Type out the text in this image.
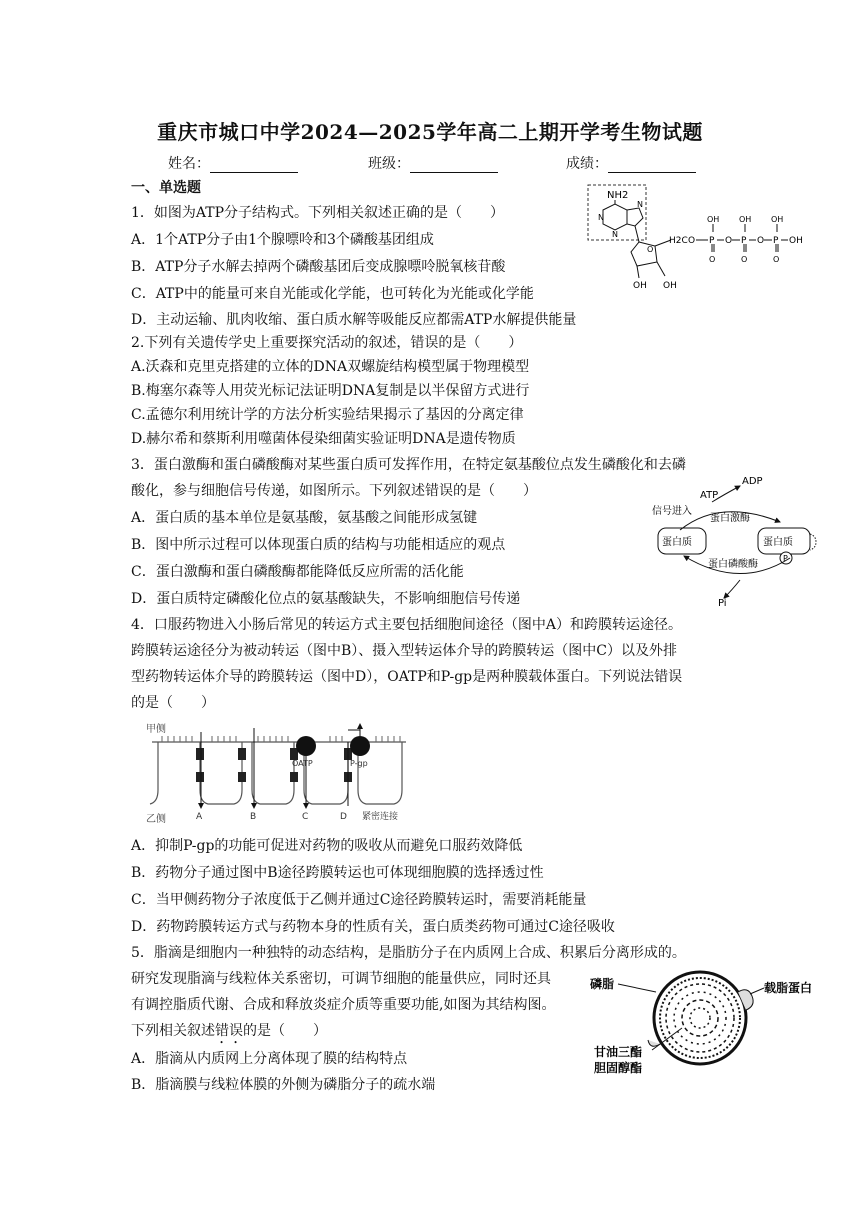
重庆市城口中学2024—2025学年高二上期开学考生物试题
姓名：	班级：	成绩：
一、单选题
1．如图为ATP分子结构式。下列相关叙述正确的是（　　）
A．1个ATP分子由1个腺嘌呤和3个磷酸基团组成
B．ATP分子水解去掉两个磷酸基团后变成腺嘌呤脱氧核苷酸
C．ATP中的能量可来自光能或化学能，也可转化为光能或化学能
D．主动运输、肌肉收缩、蛋白质水解等吸能反应都需ATP水解提供能量
NH2
N
N
N
O
H2C
OH OH
O P O P O P OH
OH OH OH
O	O	O
2.下列有关遗传学史上重要探究活动的叙述，错误的是（　　）
A.沃森和克里克搭建的立体的DNA双螺旋结构模型属于物理模型
B.梅塞尔森等人用荧光标记法证明DNA复制是以半保留方式进行
C.孟德尔利用统计学的方法分析实验结果揭示了基因的分离定律
D.赫尔希和蔡斯利用噬菌体侵染细菌实验证明DNA是遗传物质
3．蛋白激酶和蛋白磷酸酶对某些蛋白质可发挥作用，在特定氨基酸位点发生磷酸化和去磷
酸化，参与细胞信号传递，如图所示。下列叙述错误的是（　　）
A．蛋白质的基本单位是氨基酸，氨基酸之间能形成氢键
B．图中所示过程可以体现蛋白质的结构与功能相适应的观点
C．蛋白激酶和蛋白磷酸酶都能降低反应所需的活化能
D．蛋白质特定磷酸化位点的氨基酸缺失，不影响细胞信号传递
ADP
ATP
信号进入
蛋白激酶
蛋白质	蛋白质
P
蛋白磷酸酶
Pi
4．口服药物进入小肠后常见的转运方式主要包括细胞间途径（图中A）和跨膜转运途径。
跨膜转运途径分为被动转运（图中B）、摄入型转运体介导的跨膜转运（图中C）以及外排
型药物转运体介导的跨膜转运（图中D），OATP和P-gp是两种膜载体蛋白。下列说法错误
的是（　　）
甲侧
乙侧
OATP	P-gp
A	B	C	D 紧密连接
A．抑制P-gp的功能可促进对药物的吸收从而避免口服药效降低
B．药物分子通过图中B途径跨膜转运也可体现细胞膜的选择透过性
C．当甲侧药物分子浓度低于乙侧并通过C途径跨膜转运时，需要消耗能量
D．药物跨膜转运方式与药物本身的性质有关，蛋白质类药物可通过C途径吸收
5．脂滴是细胞内一种独特的动态结构，是脂肪分子在内质网上合成、积累后分离形成的。
研究发现脂滴与线粒体关系密切，可调节细胞的能量供应，同时还具
有调控脂质代谢、合成和释放炎症介质等重要功能,如图为其结构图。
下列相关叙述错误的是（　　）
A．脂滴从内质网上分离体现了膜的结构特点
B．脂滴膜与线粒体膜的外侧为磷脂分子的疏水端
磷脂	载脂蛋白
甘油三酯
胆固醇酯
